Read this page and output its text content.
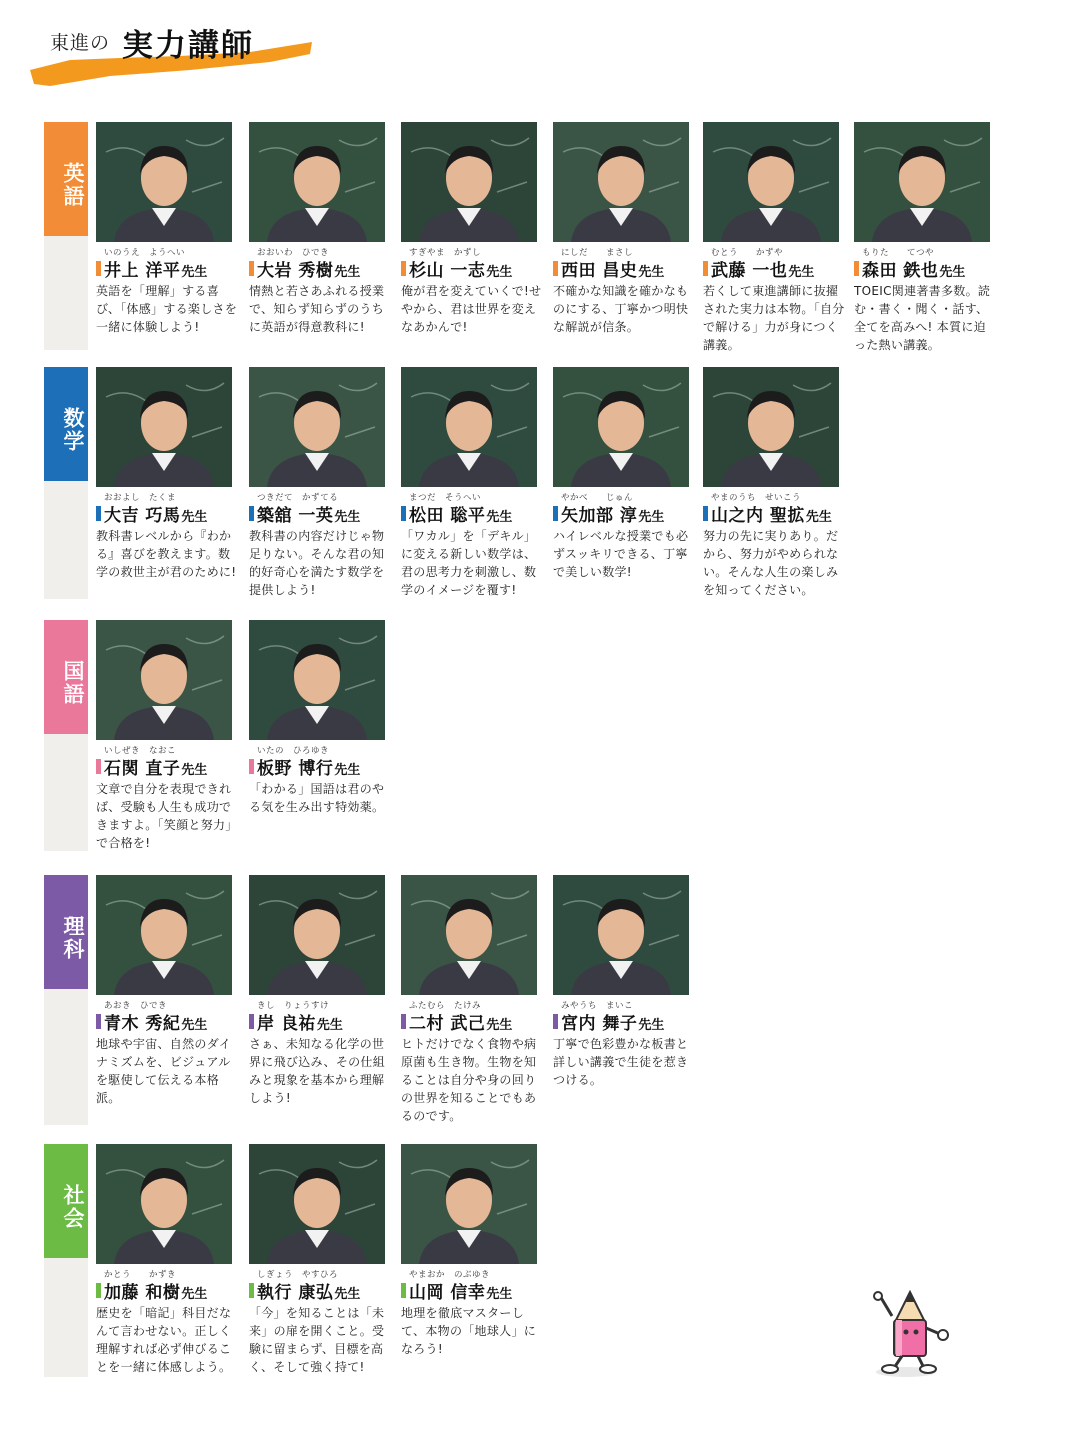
東進の 実力講師
英語
いのうえ　ようへい
井上 洋平 先生
英語を「理解」する喜び、「体感」する楽しさを一緒に体験しよう!
おおいわ　ひでき
大岩 秀樹 先生
情熱と若さあふれる授業で、知らず知らずのうちに英語が得意教科に!
すぎやま　かずし
杉山 一志 先生
俺が君を変えていくで!せやから、君は世界を変えなあかんで!
にしだ　　まさし
西田 昌史 先生
不確かな知識を確かなものにする、丁寧かつ明快な解説が信条。
むとう　　かずや
武藤 一也 先生
若くして東進講師に抜擢された実力は本物。「自分で解ける」力が身につく講義。
もりた　　てつや
森田 鉄也 先生
TOEIC関連著書多数。読む・書く・聞く・話す、全てを高みへ! 本質に迫った熱い講義。
数学
おおよし　たくま
大吉 巧馬 先生
教科書レベルから『わかる』喜びを教えます。数学の救世主が君のために!
つきだて　かずてる
築舘 一英 先生
教科書の内容だけじゃ物足りない。そんな君の知的好奇心を満たす数学を提供しよう!
まつだ　そうへい
松田 聡平 先生
「ワカル」を「デキル」に変える新しい数学は、君の思考力を刺激し、数学のイメージを覆す!
やかべ　　じゅん
矢加部 淳 先生
ハイレベルな授業でも必ずスッキリできる、丁寧で美しい数学!
やまのうち　せいこう
山之内 聖拡 先生
努力の先に実りあり。だから、努力がやめられない。そんな人生の楽しみを知ってください。
国語
いしぜき　なおこ
石関 直子 先生
文章で自分を表現できれば、受験も人生も成功できますよ。「笑顔と努力」で合格を!
いたの　ひろゆき
板野 博行 先生
「わかる」国語は君のやる気を生み出す特効薬。
理科
あおき　ひでき
青木 秀紀 先生
地球や宇宙、自然のダイナミズムを、ビジュアルを駆使して伝える本格派。
きし　りょうすけ
岸 良祐 先生
さぁ、未知なる化学の世界に飛び込み、その仕組みと現象を基本から理解しよう!
ふたむら　たけみ
二村 武己 先生
ヒトだけでなく食物や病原菌も生き物。生物を知ることは自分や身の回りの世界を知ることでもあるのです。
みやうち　まいこ
宮内 舞子 先生
丁寧で色彩豊かな板書と詳しい講義で生徒を惹きつける。
社会
かとう　　かずき
加藤 和樹 先生
歴史を「暗記」科目だなんて言わせない。正しく理解すれば必ず伸びることを一緒に体感しよう。
しぎょう　やすひろ
執行 康弘 先生
「今」を知ることは「未来」の扉を開くこと。受験に留まらず、目標を高く、そして強く持て!
やまおか　のぶゆき
山岡 信幸 先生
地理を徹底マスターして、本物の「地球人」になろう!
